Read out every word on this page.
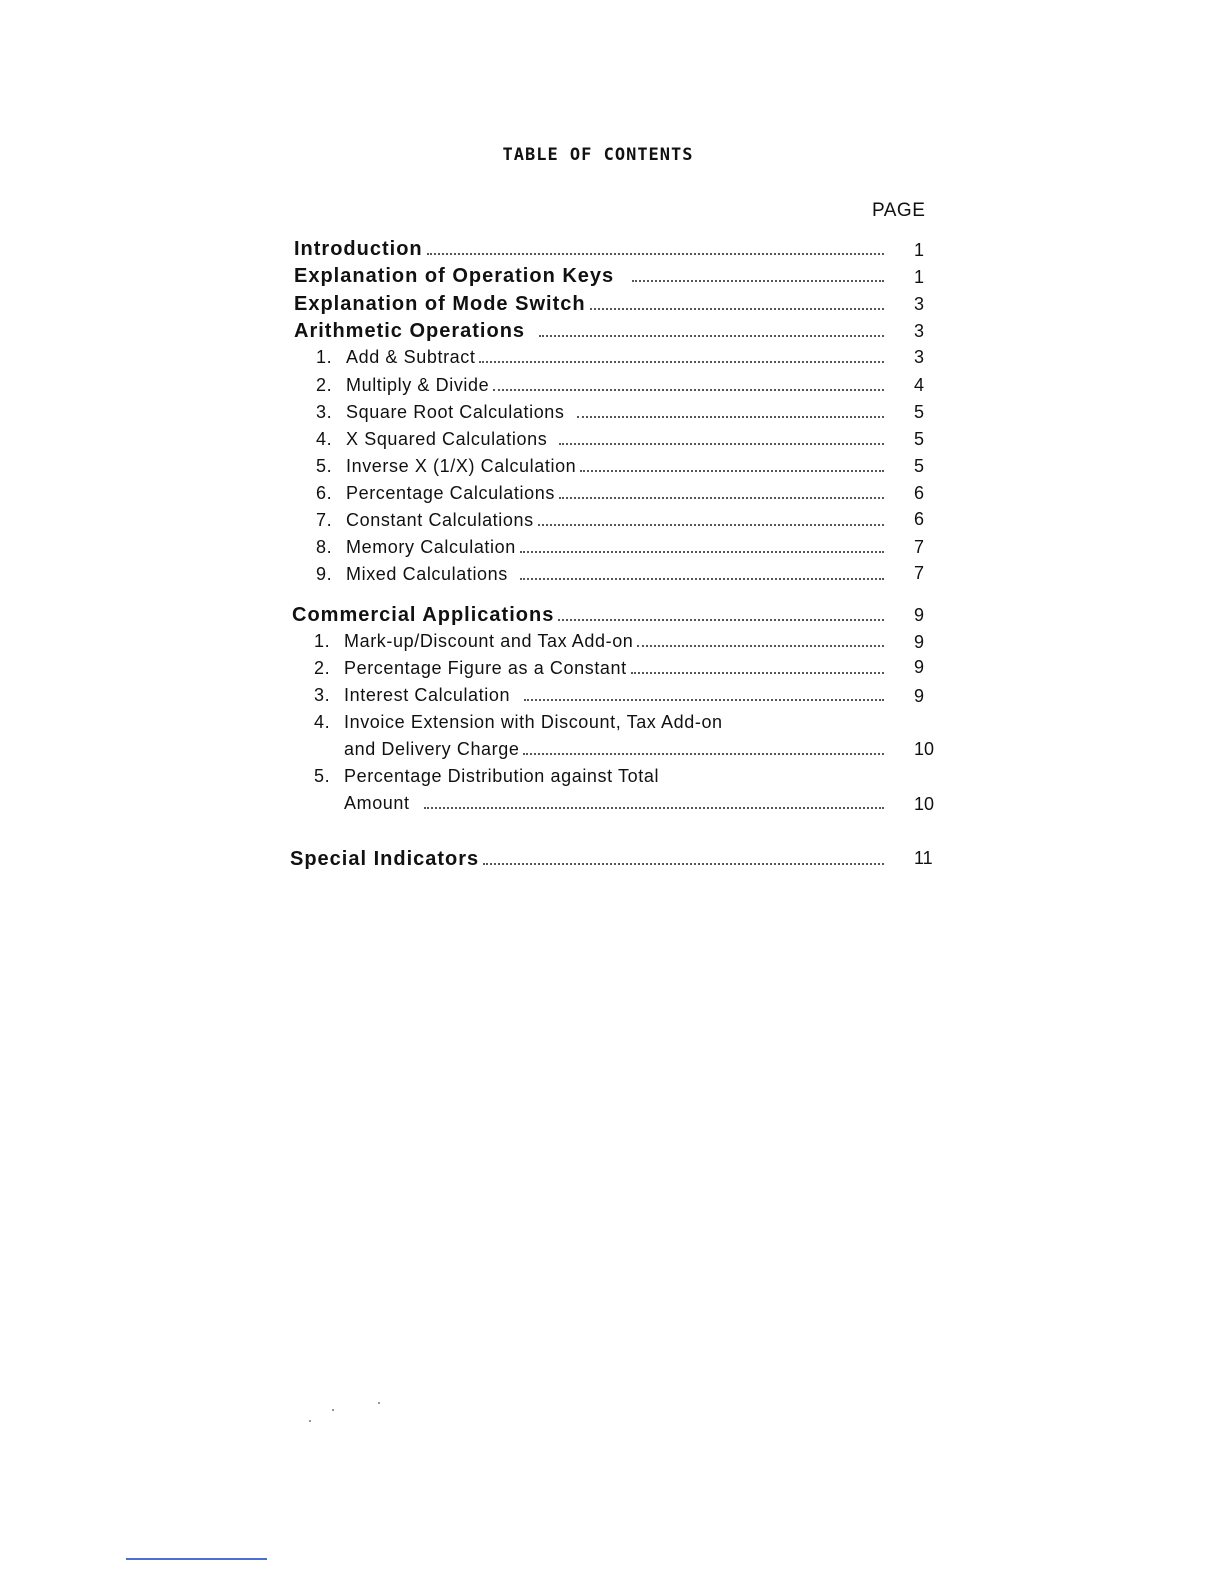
TABLE OF CONTENTS
PAGE
Introduction	1
Explanation of Operation Keys	1
Explanation of Mode Switch	3
Arithmetic Operations	3
1. Add & Subtract	3
2. Multiply & Divide	4
3. Square Root Calculations	5
4. X Squared Calculations	5
5. Inverse X (1/X) Calculation	5
6. Percentage Calculations	6
7. Constant Calculations	6
8. Memory Calculation	7
9. Mixed Calculations	7
Commercial Applications	9
1. Mark-up/Discount and Tax Add-on	9
2. Percentage Figure as a Constant	9
3. Interest Calculation	9
4. Invoice Extension with Discount, Tax Add-on
and Delivery Charge	10
5. Percentage Distribution against Total
Amount	10
Special Indicators	11
